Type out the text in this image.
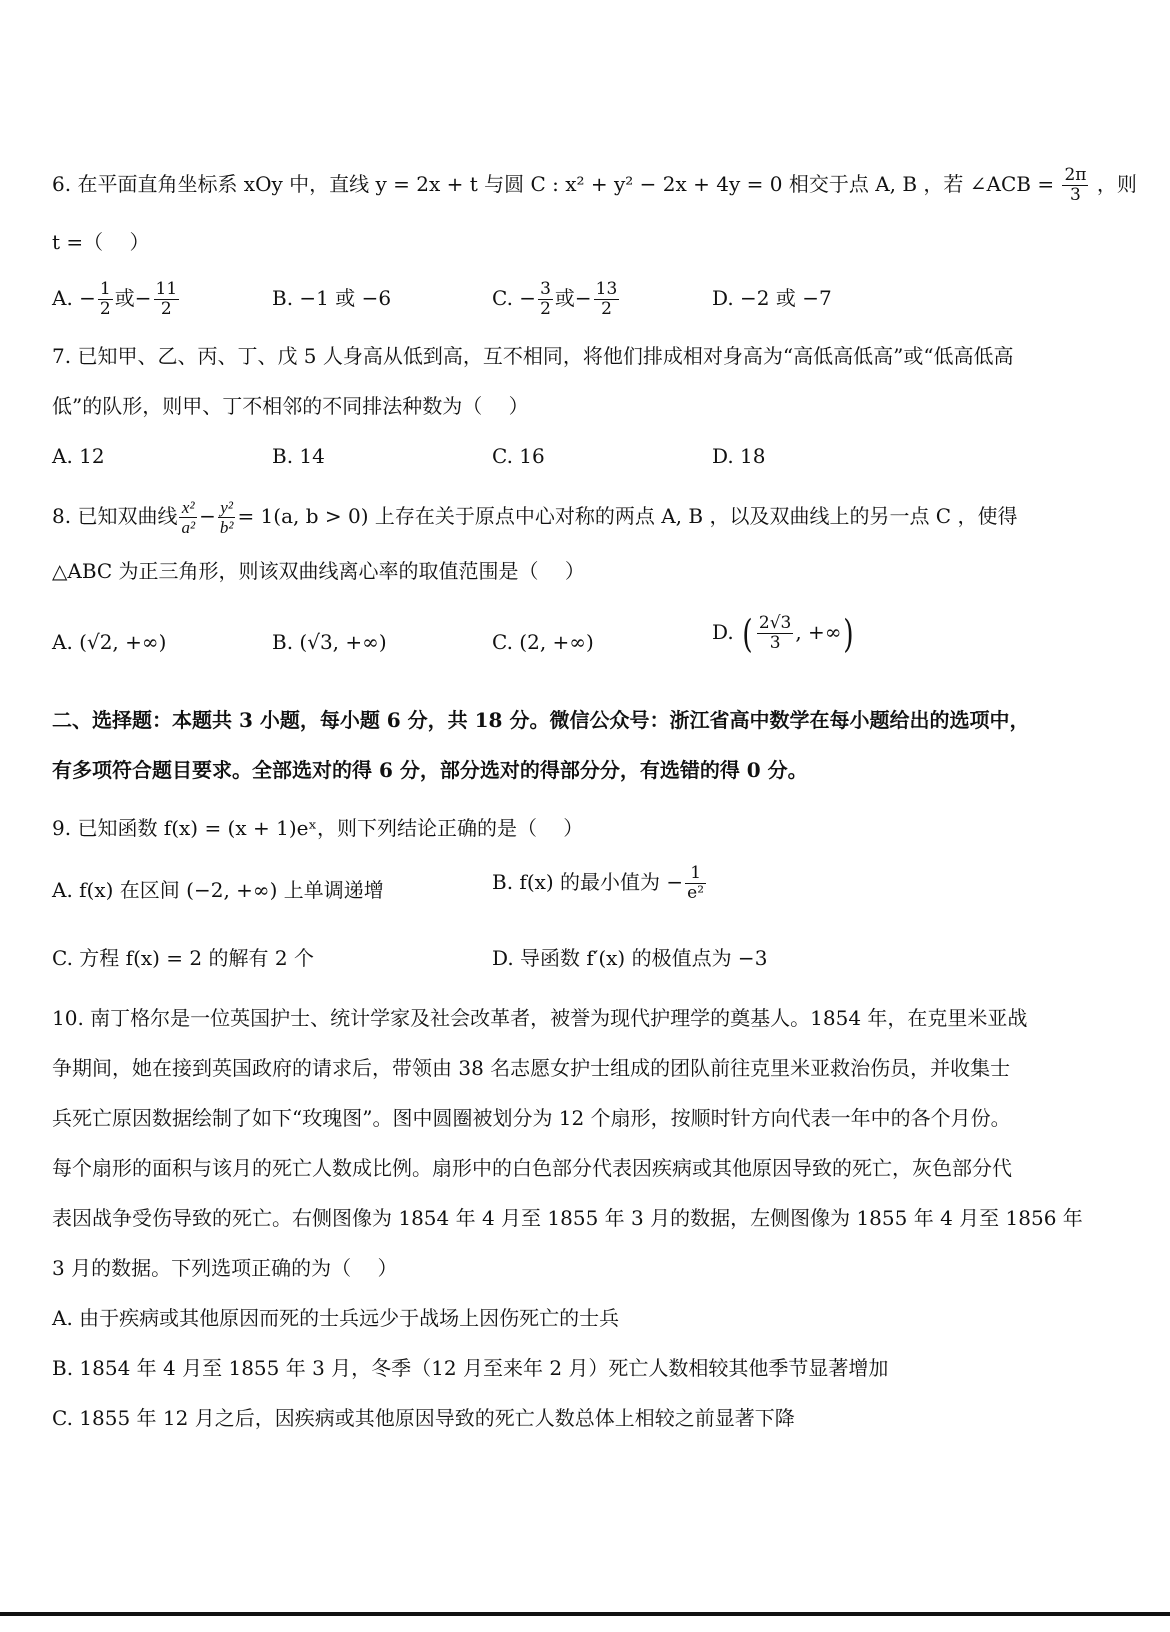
6. 在平面直角坐标系 xOy 中，直线 y = 2x + t 与圆 C : x² + y² − 2x + 4y = 0 相交于点 A, B ，若 ∠ACB = $\frac{2\pi}{3}$ ，则
t =（　 ）
A. − $\frac{1}{2}$ 或− $\frac{11}{2}$	B. −1 或 −6	C. − $\frac{3}{2}$ 或− $\frac{13}{2}$	D. −2 或 −7
7. 已知甲、乙、丙、丁、戊 5 人身高从低到高，互不相同，将他们排成相对身高为“高低高低高”或“低高低高
低”的队形，则甲、丁不相邻的不同排法种数为（　 ）
A. 12	B. 14	C. 16	D. 18
8. 已知双曲线 $\frac{\text{x²}}{\text{a²}} - \frac{\text{y²}}{\text{b²}} = 1(a$, b > 0) 上存在关于原点中心对称的两点 A, B ，以及双曲线上的另一点 C ，使得
△ABC 为正三角形，则该双曲线离心率的取值范围是（　 ）
A. (√2, +∞)	B. (√3, +∞)	C. (2, +∞)	D. ( $\frac{2√3}{3}$ , +∞)
二、选择题：本题共 3 小题，每小题 6 分，共 18 分。微信公众号：浙江省高中数学在每小题给出的选项中，
有多项符合题目要求。全部选对的得 6 分，部分选对的得部分分，有选错的得 0 分。
9. 已知函数 f(x) = (x + 1)eˣ，则下列结论正确的是（　 ）
A. f(x) 在区间 (−2, +∞) 上单调递增	B. f(x) 的最小值为 − $\frac{1}{\text{e²}}$
C. 方程 f(x) = 2 的解有 2 个	D. 导函数 f′(x) 的极值点为 −3
10. 南丁格尔是一位英国护士、统计学家及社会改革者，被誉为现代护理学的奠基人。1854 年，在克里米亚战
争期间，她在接到英国政府的请求后，带领由 38 名志愿女护士组成的团队前往克里米亚救治伤员，并收集士
兵死亡原因数据绘制了如下“玫瑰图”。图中圆圈被划分为 12 个扇形，按顺时针方向代表一年中的各个月份。
每个扇形的面积与该月的死亡人数成比例。扇形中的白色部分代表因疾病或其他原因导致的死亡，灰色部分代
表因战争受伤导致的死亡。右侧图像为 1854 年 4 月至 1855 年 3 月的数据，左侧图像为 1855 年 4 月至 1856 年
3 月的数据。下列选项正确的为（　 ）
A. 由于疾病或其他原因而死的士兵远少于战场上因伤死亡的士兵
B. 1854 年 4 月至 1855 年 3 月，冬季（12 月至来年 2 月）死亡人数相较其他季节显著增加
C. 1855 年 12 月之后，因疾病或其他原因导致的死亡人数总体上相较之前显著下降
